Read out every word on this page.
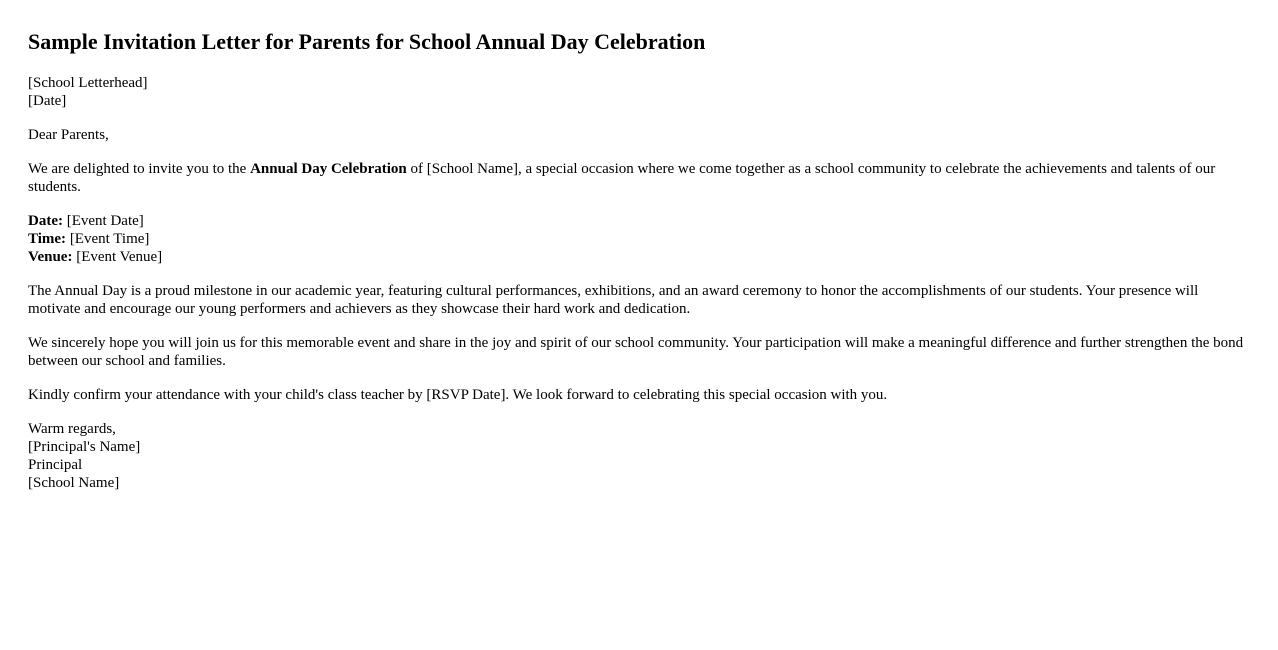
Sample Invitation Letter for Parents for School Annual Day Celebration

[School Letterhead]
[Date]

Dear Parents,

We are delighted to invite you to the Annual Day Celebration of [School Name], a special occasion where we come together as a school community to celebrate the achievements and talents of our students.

Date: [Event Date]
Time: [Event Time]
Venue: [Event Venue]

The Annual Day is a proud milestone in our academic year, featuring cultural performances, exhibitions, and an award ceremony to honor the accomplishments of our students. Your presence will motivate and encourage our young performers and achievers as they showcase their hard work and dedication.

We sincerely hope you will join us for this memorable event and share in the joy and spirit of our school community. Your participation will make a meaningful difference and further strengthen the bond between our school and families.

Kindly confirm your attendance with your child's class teacher by [RSVP Date]. We look forward to celebrating this special occasion with you.

Warm regards,
[Principal's Name]
Principal
[School Name]
